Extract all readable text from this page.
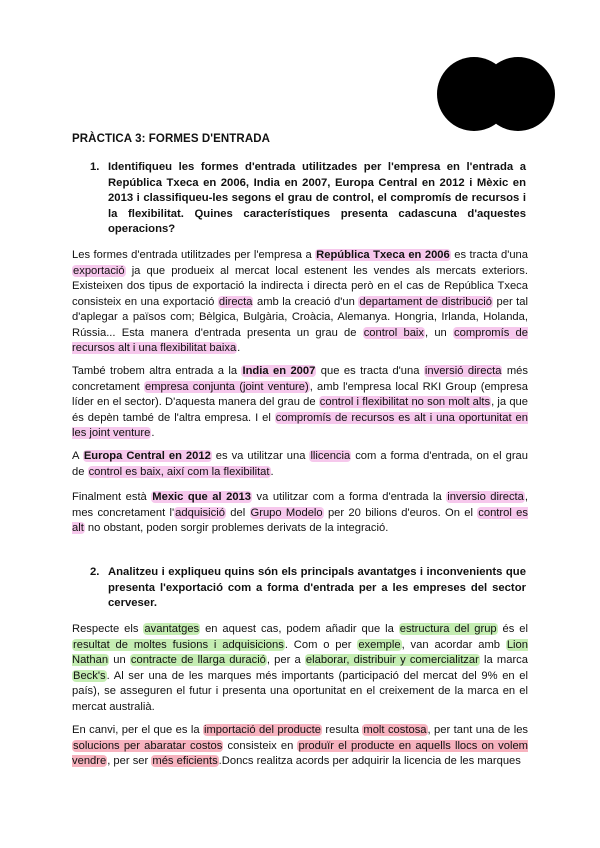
PRÀCTICA 3: FORMES D'ENTRADA
1. Identifiqueu les formes d'entrada utilitzades per l'empresa en l'entrada a República Txeca en 2006, India en 2007, Europa Central en 2012 i Mèxic en 2013 i classifiqueu-les segons el grau de control, el compromís de recursos i la flexibilitat. Quines característiques presenta cadascuna d'aquestes operacions?
Les formes d'entrada utilitzades per l'empresa a República Txeca en 2006 es tracta d'una exportació ja que produeix al mercat local estenent les vendes als mercats exteriors. Existeixen dos tipus de exportació la indirecta i directa però en el cas de República Txeca consisteix en una exportació directa amb la creació d'un departament de distribució per tal d'aplegar a països com; Bèlgica, Bulgària, Croàcia, Alemanya. Hongria, Irlanda, Holanda, Rússia... Esta manera d'entrada presenta un grau de control baix, un compromís de recursos alt i una flexibilitat baixa.
També trobem altra entrada a la India en 2007 que es tracta d'una inversió directa més concretament empresa conjunta (joint venture), amb l'empresa local RKI Group (empresa líder en el sector). D'aquesta manera del grau de control i flexibilitat no son molt alts, ja que és depèn també de l'altra empresa. I el compromís de recursos es alt i una oportunitat en les joint venture.
A Europa Central en 2012 es va utilitzar una llicencia com a forma d'entrada, on el grau de control es baix, així com la flexibilitat.
Finalment està Mexic que al 2013 va utilitzar com a forma d'entrada la inversio directa, mes concretament l'adquisició del Grupo Modelo per 20 bilions d'euros. On el control es alt no obstant, poden sorgir problemes derivats de la integració.
2. Analitzeu i expliqueu quins són els principals avantatges i inconvenients que presenta l'exportació com a forma d'entrada per a les empreses del sector cerveser.
Respecte els avantatges en aquest cas, podem añadir que la estructura del grup és el resultat de moltes fusions i adquisicions. Com o per exemple, van acordar amb Lion Nathan un contracte de llarga duració, per a elaborar, distribuir y comercialitzar la marca Beck's. Al ser una de les marques més importants (participació del mercat del 9% en el país), se asseguren el futur i presenta una oportunitat en el creixement de la marca en el mercat australià.
En canvi, per el que es la importació del producte resulta molt costosa, per tant una de les solucions per abaratar costos consisteix en produïr el producte en aquells llocs on volem vendre, per ser més eficients.Doncs realitza acords per adquirir la licencia de les marques
